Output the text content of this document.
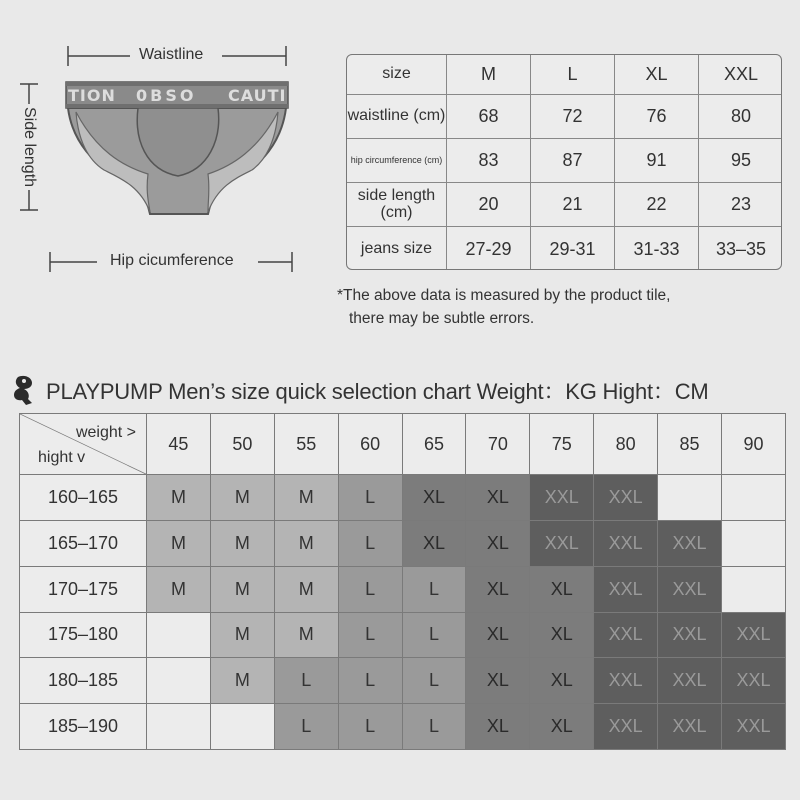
TION 0BSO CAUTI
Waistline
Side length
Hip cicumference
size	M	L	XL	XXL
waistline (cm)	68	72	76	80
hip circumference (cm)	83	87	91	95
side length (cm)	20	21	22	23
jeans size	27-29	29-31	31-33	33–35
*The above data is measured by the product tile,
there may be subtle errors.
PLAYPUMP Men’s size quick selection chart Weight：KG Hight：CM
weight >
hight v	45	50	55	60	65	70	75	80	85	90
160–165	M	M	M	L	XL	XL	XXL	XXL		
165–170	M	M	M	L	XL	XL	XXL	XXL	XXL	
170–175	M	M	M	L	L	XL	XL	XXL	XXL	
175–180		M	M	L	L	XL	XL	XXL	XXL	XXL
180–185		M	L	L	L	XL	XL	XXL	XXL	XXL
185–190			L	L	L	XL	XL	XXL	XXL	XXL
